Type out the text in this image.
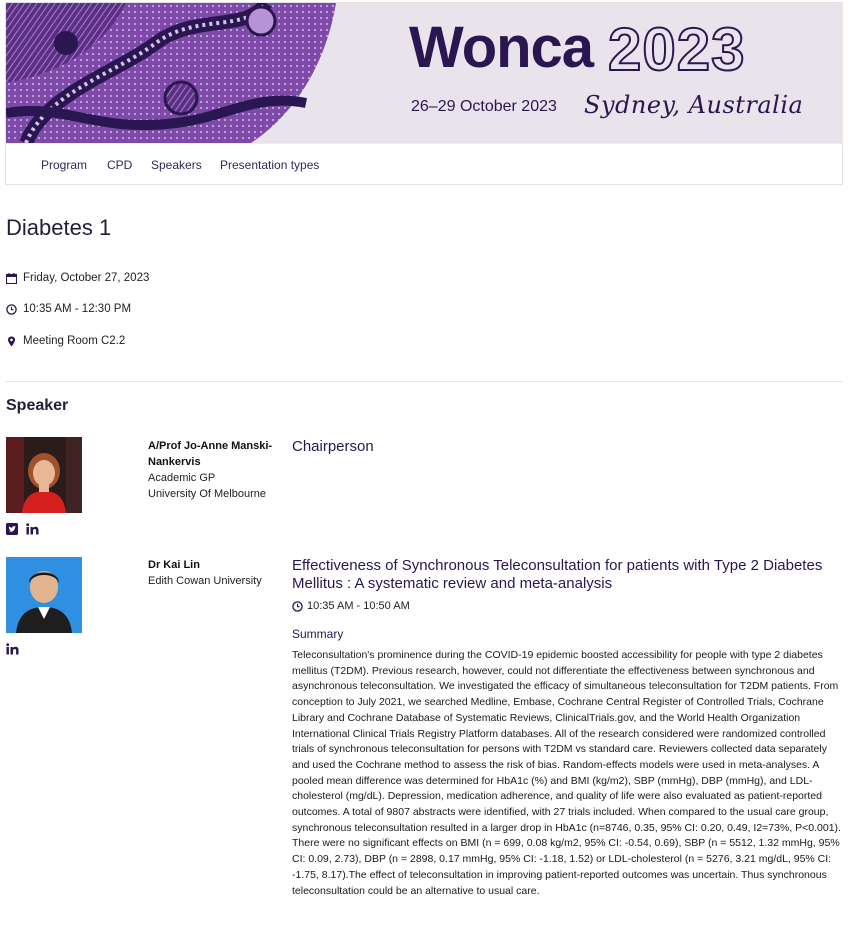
Wonca 2023
26–29 October 2023 Sydney, Australia
Program CPD Speakers Presentation types
Diabetes 1
Friday, October 27, 2023
10:35 AM - 12:30 PM
Meeting Room C2.2
Speaker
A/Prof Jo-Anne Manski-
Nankervis
Academic GP
University Of Melbourne
Chairperson
Dr Kai Lin
Edith Cowan University
Effectiveness of Synchronous Teleconsultation for patients with Type 2 Diabetes Mellitus : A systematic review and meta-analysis
10:35 AM - 10:50 AM
Summary
Teleconsultation's prominence during the COVID-19 epidemic boosted accessibility for people with type 2 diabetes mellitus (T2DM). Previous research, however, could not differentiate the effectiveness between synchronous and asynchronous teleconsultation. We investigated the efficacy of simultaneous teleconsultation for T2DM patients. From conception to July 2021, we searched Medline, Embase, Cochrane Central Register of Controlled Trials, Cochrane Library and Cochrane Database of Systematic Reviews, ClinicalTrials.gov, and the World Health Organization International Clinical Trials Registry Platform databases. All of the research considered were randomized controlled trials of synchronous teleconsultation for persons with T2DM vs standard care. Reviewers collected data separately and used the Cochrane method to assess the risk of bias. Random-effects models were used in meta-analyses. A pooled mean difference was determined for HbA1c (%) and BMI (kg/m2), SBP (mmHg), DBP (mmHg), and LDL-cholesterol (mg/dL). Depression, medication adherence, and quality of life were also evaluated as patient-reported outcomes. A total of 9807 abstracts were identified, with 27 trials included. When compared to the usual care group, synchronous teleconsultation resulted in a larger drop in HbA1c (n=8746, 0.35, 95% CI: 0.20, 0.49, I2=73%, P<0.001). There were no significant effects on BMI (n = 699, 0.08 kg/m2, 95% CI: -0.54, 0.69), SBP (n = 5512, 1.32 mmHg, 95% CI: 0.09, 2.73), DBP (n = 2898, 0.17 mmHg, 95% CI: -1.18, 1.52) or LDL-cholesterol (n = 5276, 3.21 mg/dL, 95% CI: -1.75, 8.17).The effect of teleconsultation in improving patient-reported outcomes was uncertain. Thus synchronous teleconsultation could be an alternative to usual care.
